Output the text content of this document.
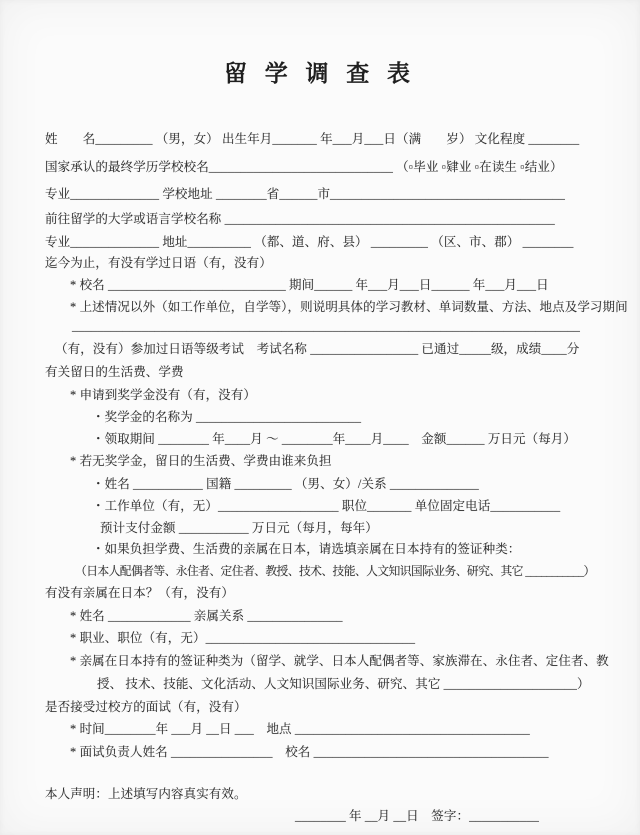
留 学 调 查 表
姓　　名_________ （男，女） 出生年月_______ 年___月___日（满　　岁） 文化程度 ________
国家承认的最终学历学校校名_____________________________ （▫毕业 ▫肄业 ▫在读生 ▫结业）
专业______________ 学校地址 ________省______市_____________________________________
前往留学的大学或语言学校名称 ____________________________________________________
专业______________ 地址__________ （都、道、府、县） _________ （区、市、郡） ________
迄今为止，有没有学过日语（有，没有）
* 校名 ____________________________ 期间______ 年___月___日______ 年___月___日
* 上述情况以外（如工作单位，自学等），则说明具体的学习教材、单词数量、方法、地点及学习期间
________________________________________________________________________________
（有，没有）参加过日语等级考试　考试名称 _________________ 已通过_____级，成绩____分
有关留日的生活费、学费
* 申请到奖学金没有（有，没有）
・奖学金的名称为 __________________________
・领取期间 ________ 年____月 ～ ________年____月____　金额______ 万日元（每月）
* 若无奖学金，留日的生活费、学费由谁来负担
・姓名 ___________ 国籍 _________ （男、女）/关系 ______________
・工作单位（有，无）___________________ 职位_______ 单位固定电话___________
预计支付金额 ___________ 万日元（每月，每年）
・如果负担学费、生活费的亲属在日本，请选填亲属在日本持有的签证种类：
（日本人配偶者等、永住者、定住者、教授、技术、技能、人文知识国际业务、研究、其它 ___________）
有没有亲属在日本？（有，没有）
* 姓名 _____________ 亲属关系 _______________
* 职业、职位（有，无）_________________________________
* 亲属在日本持有的签证种类为（留学、就学、日本人配偶者等、家族滞在、永住者、定住者、教
授、 技术、技能、文化活动、人文知识国际业务、研究、其它 _____________________）
是否接受过校方的面试（有，没有）
* 时间________年 ___月 __日 ___　地点 _____________________________________
* 面试负责人姓名 ________________　校名 _____________________________________
本人声明：上述填写内容真实有效。
________ 年 __月 __日　签字：___________
